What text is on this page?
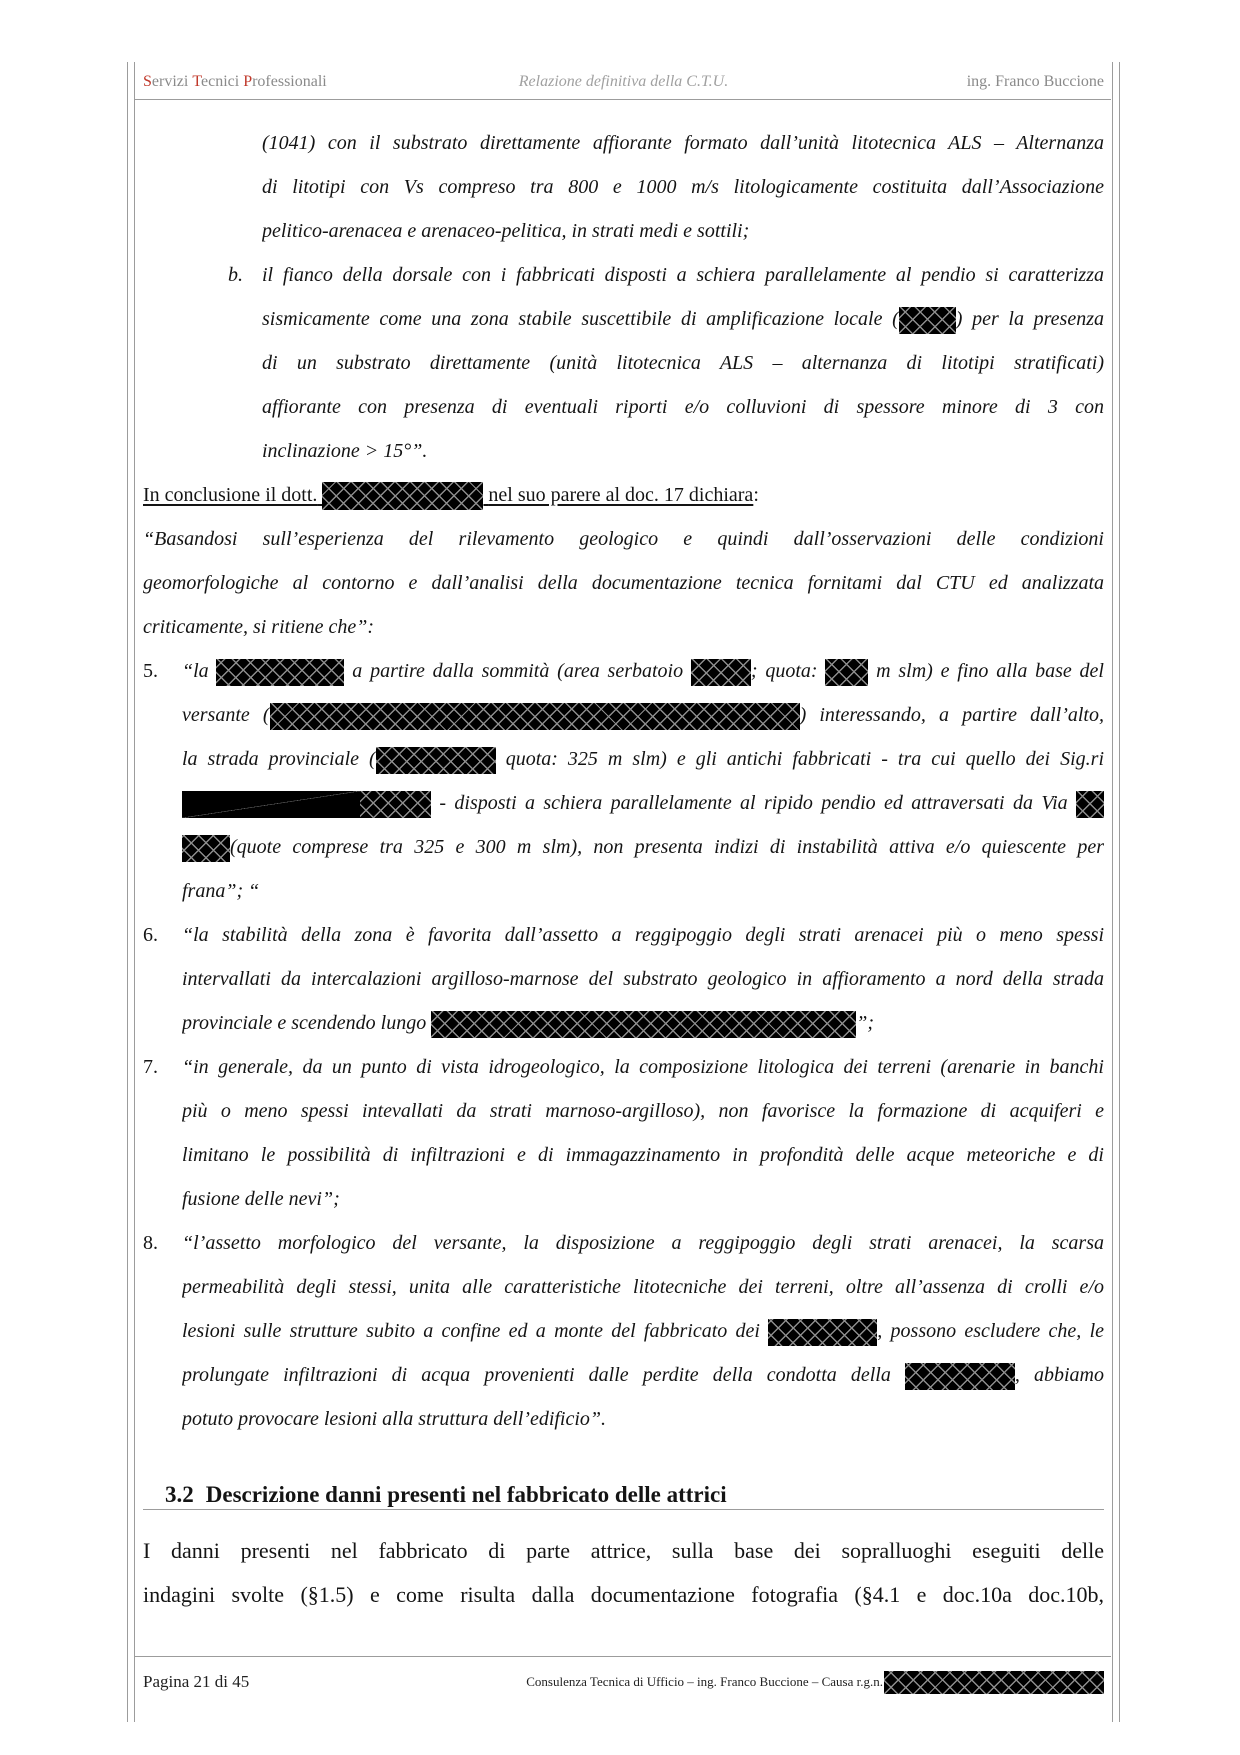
Servizi Tecnici Professionali	Relazione definitiva della C.T.U.	ing. Franco Buccione
(1041) con il substrato direttamente affiorante formato dall’unità litotecnica ALS – Alternanza
di litotipi con Vs compreso tra 800 e 1000 m/s litologicamente costituita dall’Associazione
pelitico-arenacea e arenaceo-pelitica, in strati medi e sottili;
b. il fianco della dorsale con i fabbricati disposti a schiera parallelamente al pendio si caratterizza
sismicamente come una zona stabile suscettibile di amplificazione locale (	) per la presenza
di un substrato direttamente (unità litotecnica ALS – alternanza di litotipi stratificati)
affiorante con presenza di eventuali riporti e/o colluvioni di spessore minore di 3 con
inclinazione > 15°”.
In conclusione il dott.	nel suo parere al doc. 17 dichiara:
“Basandosi sull’esperienza del rilevamento geologico e quindi dall’osservazioni delle condizioni
geomorfologiche al contorno e dall’analisi della documentazione tecnica fornitami dal CTU ed analizzata
criticamente, si ritiene che”:
5. “la	a partire dalla sommità (area serbatoio	; quota:	m slm) e fino alla base del
versante (	) interessando, a partire dall’alto,
la strada provinciale (	quota: 325 m slm) e gli antichi fabbricati - tra cui quello dei Sig.ri
- disposti a schiera parallelamente al ripido pendio ed attraversati da Via
(quote comprese tra 325 e 300 m slm), non presenta indizi di instabilità attiva e/o quiescente per
frana”; “
6. “la stabilità della zona è favorita dall’assetto a reggipoggio degli strati arenacei più o meno spessi
intervallati da intercalazioni argilloso-marnose del substrato geologico in affioramento a nord della strada
provinciale e scendendo lungo	”;
7. “in generale, da un punto di vista idrogeologico, la composizione litologica dei terreni (arenarie in banchi
più o meno spessi intevallati da strati marnoso-argilloso), non favorisce la formazione di acquiferi e
limitano le possibilità di infiltrazioni e di immagazzinamento in profondità delle acque meteoriche e di
fusione delle nevi”;
8. “l’assetto morfologico del versante, la disposizione a reggipoggio degli strati arenacei, la scarsa
permeabilità degli stessi, unita alle caratteristiche litotecniche dei terreni, oltre all’assenza di crolli e/o
lesioni sulle strutture subito a confine ed a monte del fabbricato dei	, possono escludere che, le
prolungate infiltrazioni di acqua provenienti dalle perdite della condotta della	, abbiamo
potuto provocare lesioni alla struttura dell’edificio”.
3.2 Descrizione danni presenti nel fabbricato delle attrici
I danni presenti nel fabbricato di parte attrice, sulla base dei sopralluoghi eseguiti delle
indagini svolte (§1.5) e come risulta dalla documentazione fotografia (§4.1 e doc.10a doc.10b,
Pagina 21 di 45	Consulenza Tecnica di Ufficio – ing. Franco Buccione – Causa r.g.n.
